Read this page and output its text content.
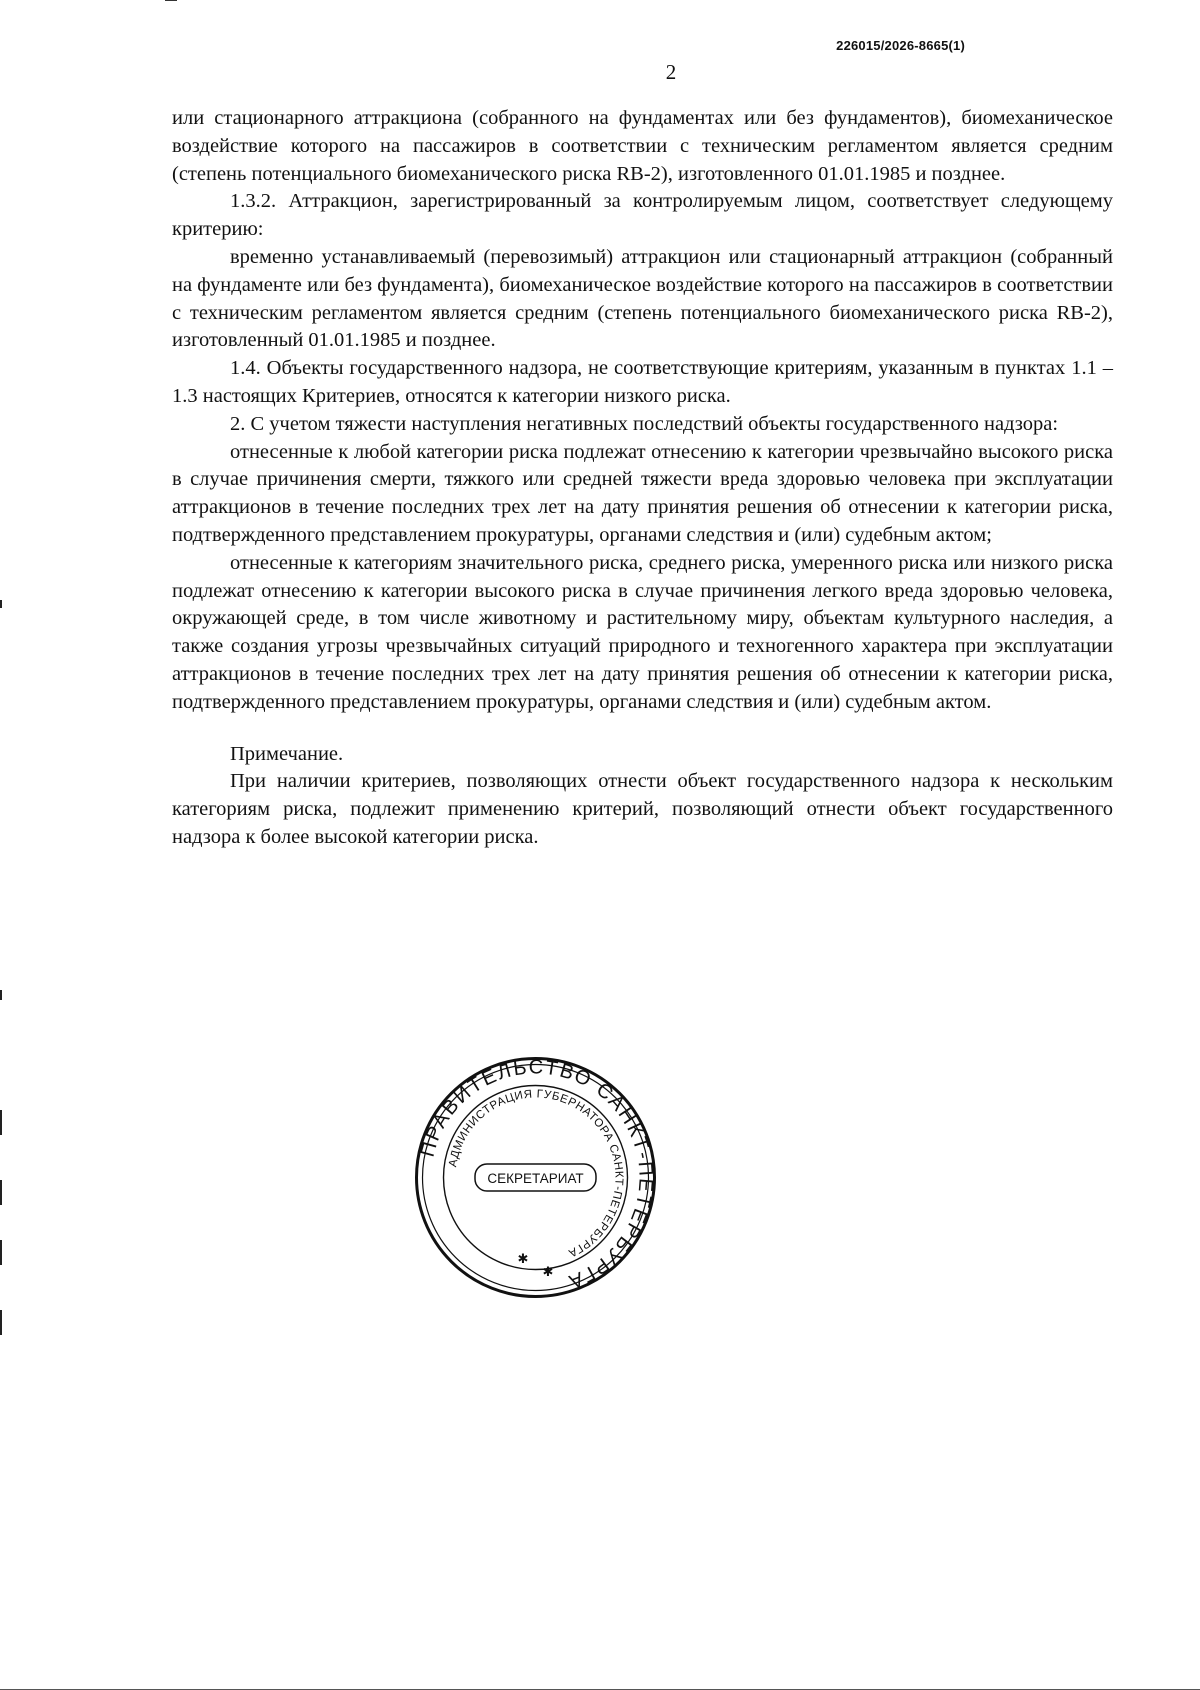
226015/2026-8665(1)
2

или стационарного аттракциона (собранного на фундаментах или без фундаментов), биомеханическое воздействие которого на пассажиров в соответствии с техническим регламентом является средним (степень потенциального биомеханического риска RB-2), изготовленного 01.01.1985 и позднее.

1.3.2. Аттракцион, зарегистрированный за контролируемым лицом, соответствует следующему критерию:

временно устанавливаемый (перевозимый) аттракцион или стационарный аттракцион (собранный на фундаменте или без фундамента), биомеханическое воздействие которого на пассажиров в соответствии с техническим регламентом является средним (степень потенциального биомеханического риска RB-2), изготовленный 01.01.1985 и позднее.

1.4. Объекты государственного надзора, не соответствующие критериям, указанным в пунктах 1.1 – 1.3 настоящих Критериев, относятся к категории низкого риска.

2. С учетом тяжести наступления негативных последствий объекты государственного надзора:

отнесенные к любой категории риска подлежат отнесению к категории чрезвычайно высокого риска в случае причинения смерти, тяжкого или средней тяжести вреда здоровью человека при эксплуатации аттракционов в течение последних трех лет на дату принятия решения об отнесении к категории риска, подтвержденного представлением прокуратуры, органами следствия и (или) судебным актом;

отнесенные к категориям значительного риска, среднего риска, умеренного риска или низкого риска подлежат отнесению к категории высокого риска в случае причинения легкого вреда здоровью человека, окружающей среде, в том числе животному и растительному миру, объектам культурного наследия, а также создания угрозы чрезвычайных ситуаций природного и техногенного характера при эксплуатации аттракционов в течение последних трех лет на дату принятия решения об отнесении к категории риска, подтвержденного представлением прокуратуры, органами следствия и (или) судебным актом.

Примечание.

При наличии критериев, позволяющих отнести объект государственного надзора к нескольким категориям риска, подлежит применению критерий, позволяющий отнести объект государственного надзора к более высокой категории риска.

ПРАВИТЕЛЬСТВО САНКТ-ПЕТЕРБУРГА
АДМИНИСТРАЦИЯ ГУБЕРНАТОРА САНКТ-ПЕТЕРБУРГА
СЕКРЕТАРИАТ
✱
✱
